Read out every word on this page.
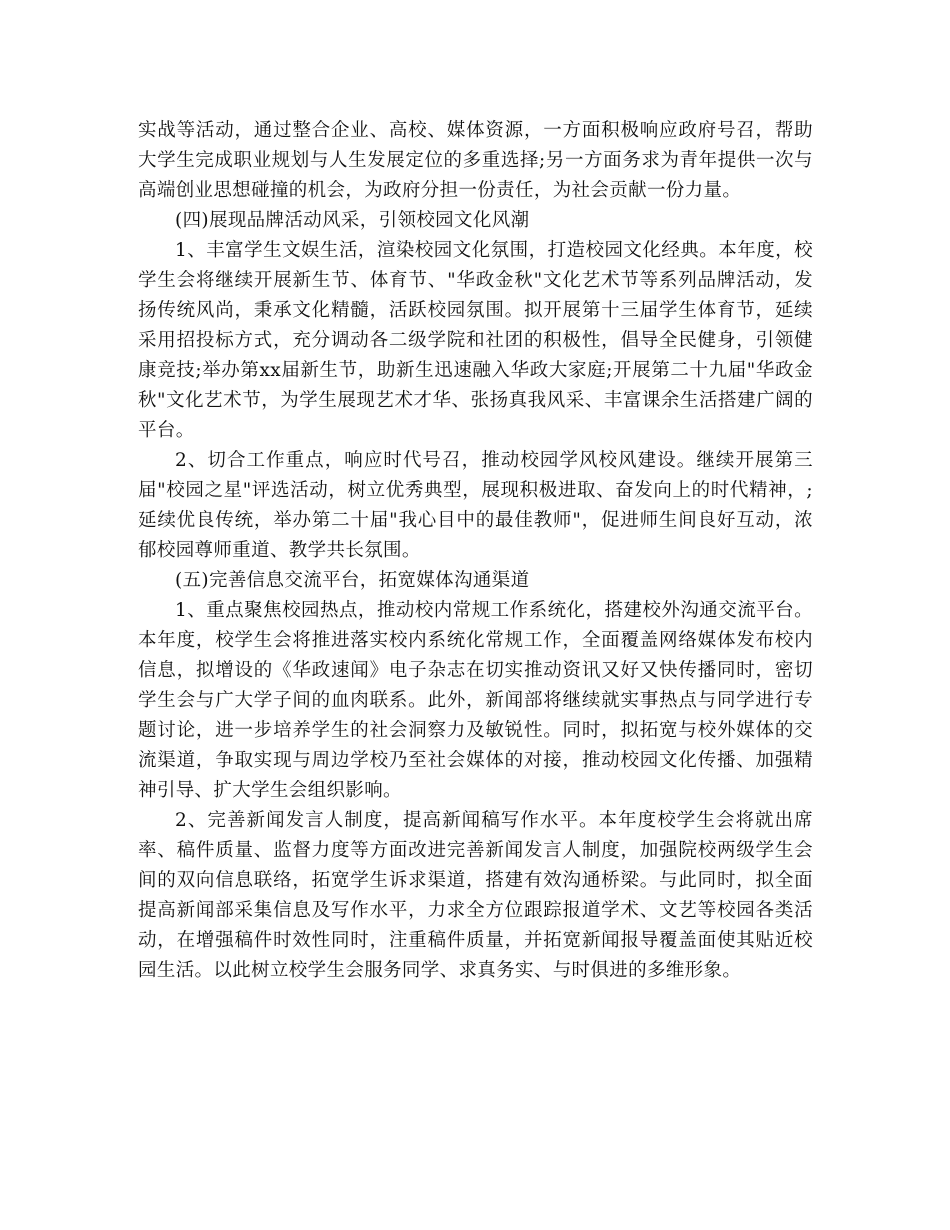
实战等活动，通过整合企业、高校、媒体资源，一方面积极响应政府号召，帮助大学生完成职业规划与人生发展定位的多重选择;另一方面务求为青年提供一次与高端创业思想碰撞的机会，为政府分担一份责任，为社会贡献一份力量。

(四)展现品牌活动风采，引领校园文化风潮

1、丰富学生文娱生活，渲染校园文化氛围，打造校园文化经典。本年度，校学生会将继续开展新生节、体育节、"华政金秋"文化艺术节等系列品牌活动，发扬传统风尚，秉承文化精髓，活跃校园氛围。拟开展第十三届学生体育节，延续采用招投标方式，充分调动各二级学院和社团的积极性，倡导全民健身，引领健康竞技;举办第xx届新生节，助新生迅速融入华政大家庭;开展第二十九届"华政金秋"文化艺术节，为学生展现艺术才华、张扬真我风采、丰富课余生活搭建广阔的平台。

2、切合工作重点，响应时代号召，推动校园学风校风建设。继续开展第三届"校园之星"评选活动，树立优秀典型，展现积极进取、奋发向上的时代精神，;延续优良传统，举办第二十届"我心目中的最佳教师"，促进师生间良好互动，浓郁校园尊师重道、教学共长氛围。

(五)完善信息交流平台，拓宽媒体沟通渠道

1、重点聚焦校园热点，推动校内常规工作系统化，搭建校外沟通交流平台。本年度，校学生会将推进落实校内系统化常规工作，全面覆盖网络媒体发布校内信息，拟增设的《华政速闻》电子杂志在切实推动资讯又好又快传播同时，密切学生会与广大学子间的血肉联系。此外，新闻部将继续就实事热点与同学进行专题讨论，进一步培养学生的社会洞察力及敏锐性。同时，拟拓宽与校外媒体的交流渠道，争取实现与周边学校乃至社会媒体的对接，推动校园文化传播、加强精神引导、扩大学生会组织影响。

2、完善新闻发言人制度，提高新闻稿写作水平。本年度校学生会将就出席率、稿件质量、监督力度等方面改进完善新闻发言人制度，加强院校两级学生会间的双向信息联络，拓宽学生诉求渠道，搭建有效沟通桥梁。与此同时，拟全面提高新闻部采集信息及写作水平，力求全方位跟踪报道学术、文艺等校园各类活动，在增强稿件时效性同时，注重稿件质量，并拓宽新闻报导覆盖面使其贴近校园生活。以此树立校学生会服务同学、求真务实、与时俱进的多维形象。
